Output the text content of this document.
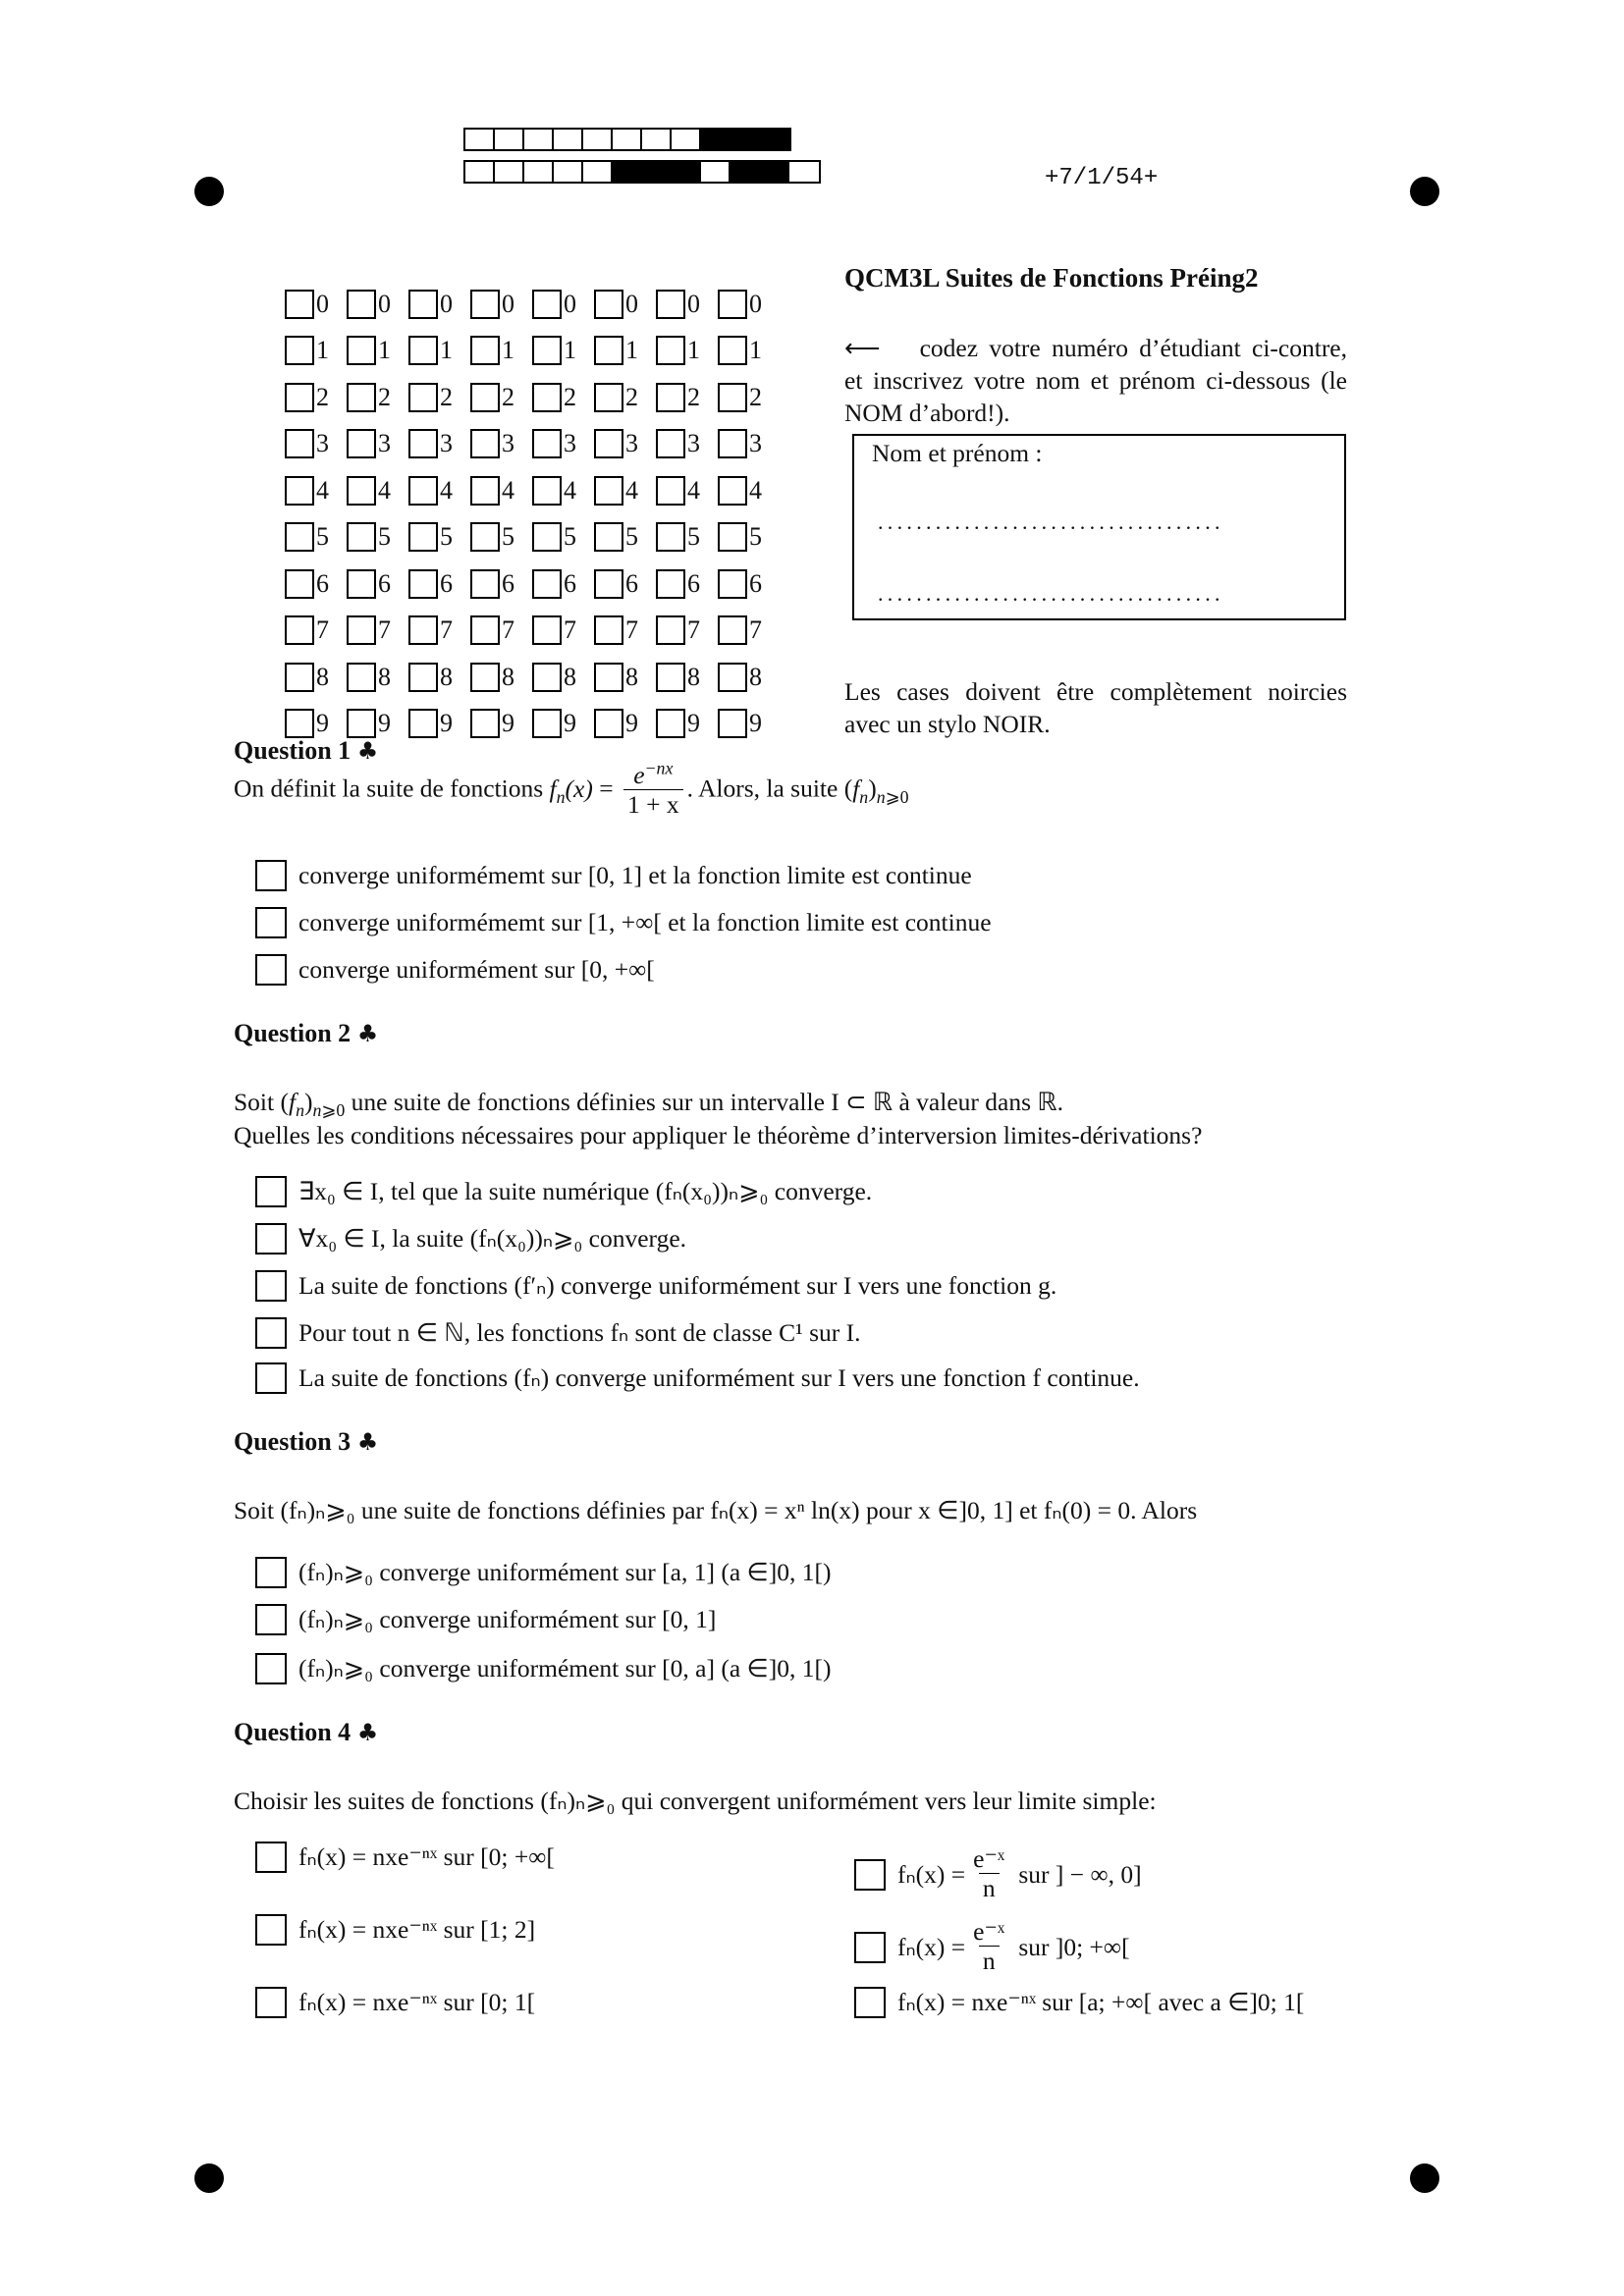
+7/1/54+
0 0 0 0 0 0 0 0
1 1 1 1 1 1 1 1
2 2 2 2 2 2 2 2
3 3 3 3 3 3 3 3
4 4 4 4 4 4 4 4
5 5 5 5 5 5 5 5
6 6 6 6 6 6 6 6
7 7 7 7 7 7 7 7
8 8 8 8 8 8 8 8
9 9 9 9 9 9 9 9
QCM3L Suites de Fonctions Préing2
⟵ codez votre numéro d’étudiant ci-contre, et inscrivez votre nom et prénom ci-dessous (le NOM d’abord!).
Nom et prénom :
....................................
....................................
Les cases doivent être complètement noircies avec un stylo NOIR.
Question 1 ♣
On définit la suite de fonctions $f_n(x) = \frac{e^{-nx}}{1 + x}$ . Alors, la suite $(f_n)_{n⩾0}$
converge uniformémemt sur [0, 1] et la fonction limite est continue
converge uniformémemt sur [1, +∞[ et la fonction limite est continue
converge uniformément sur [0, +∞[
Question 2 ♣
Soit $(f_n)_{n⩾0}$ une suite de fonctions définies sur un intervalle I ⊂ ℝ à valeur dans ℝ.
Quelles les conditions nécessaires pour appliquer le théorème d’interversion limites-dérivations?
∃x₀ ∈ I, tel que la suite numérique (fₙ(x₀))ₙ⩾₀ converge.
∀x₀ ∈ I, la suite (fₙ(x₀))ₙ⩾₀ converge.
La suite de fonctions (f′ₙ) converge uniformément sur I vers une fonction g.
Pour tout n ∈ ℕ, les fonctions fₙ sont de classe C¹ sur I.
La suite de fonctions (fₙ) converge uniformément sur I vers une fonction f continue.
Question 3 ♣
Soit (fₙ)ₙ⩾₀ une suite de fonctions définies par fₙ(x) = xⁿ ln(x) pour x ∈]0, 1] et fₙ(0) = 0. Alors
(fₙ)ₙ⩾₀ converge uniformément sur [a, 1] (a ∈]0, 1[)
(fₙ)ₙ⩾₀ converge uniformément sur [0, 1]
(fₙ)ₙ⩾₀ converge uniformément sur [0, a] (a ∈]0, 1[)
Question 4 ♣
Choisir les suites de fonctions (fₙ)ₙ⩾₀ qui convergent uniformément vers leur limite simple:
fₙ(x) = nxe⁻ⁿˣ sur [0; +∞[
fₙ(x) = nxe⁻ⁿˣ sur [1; 2]
fₙ(x) = nxe⁻ⁿˣ sur [0; 1[
$f_n(x) = \frac{\text{e⁻ˣ}}{n}$ sur ] − ∞, 0]
$f_n(x) = \frac{\text{e⁻ˣ}}{n}$ sur ]0; +∞[
fₙ(x) = nxe⁻ⁿˣ sur [a; +∞[ avec a ∈]0; 1[
